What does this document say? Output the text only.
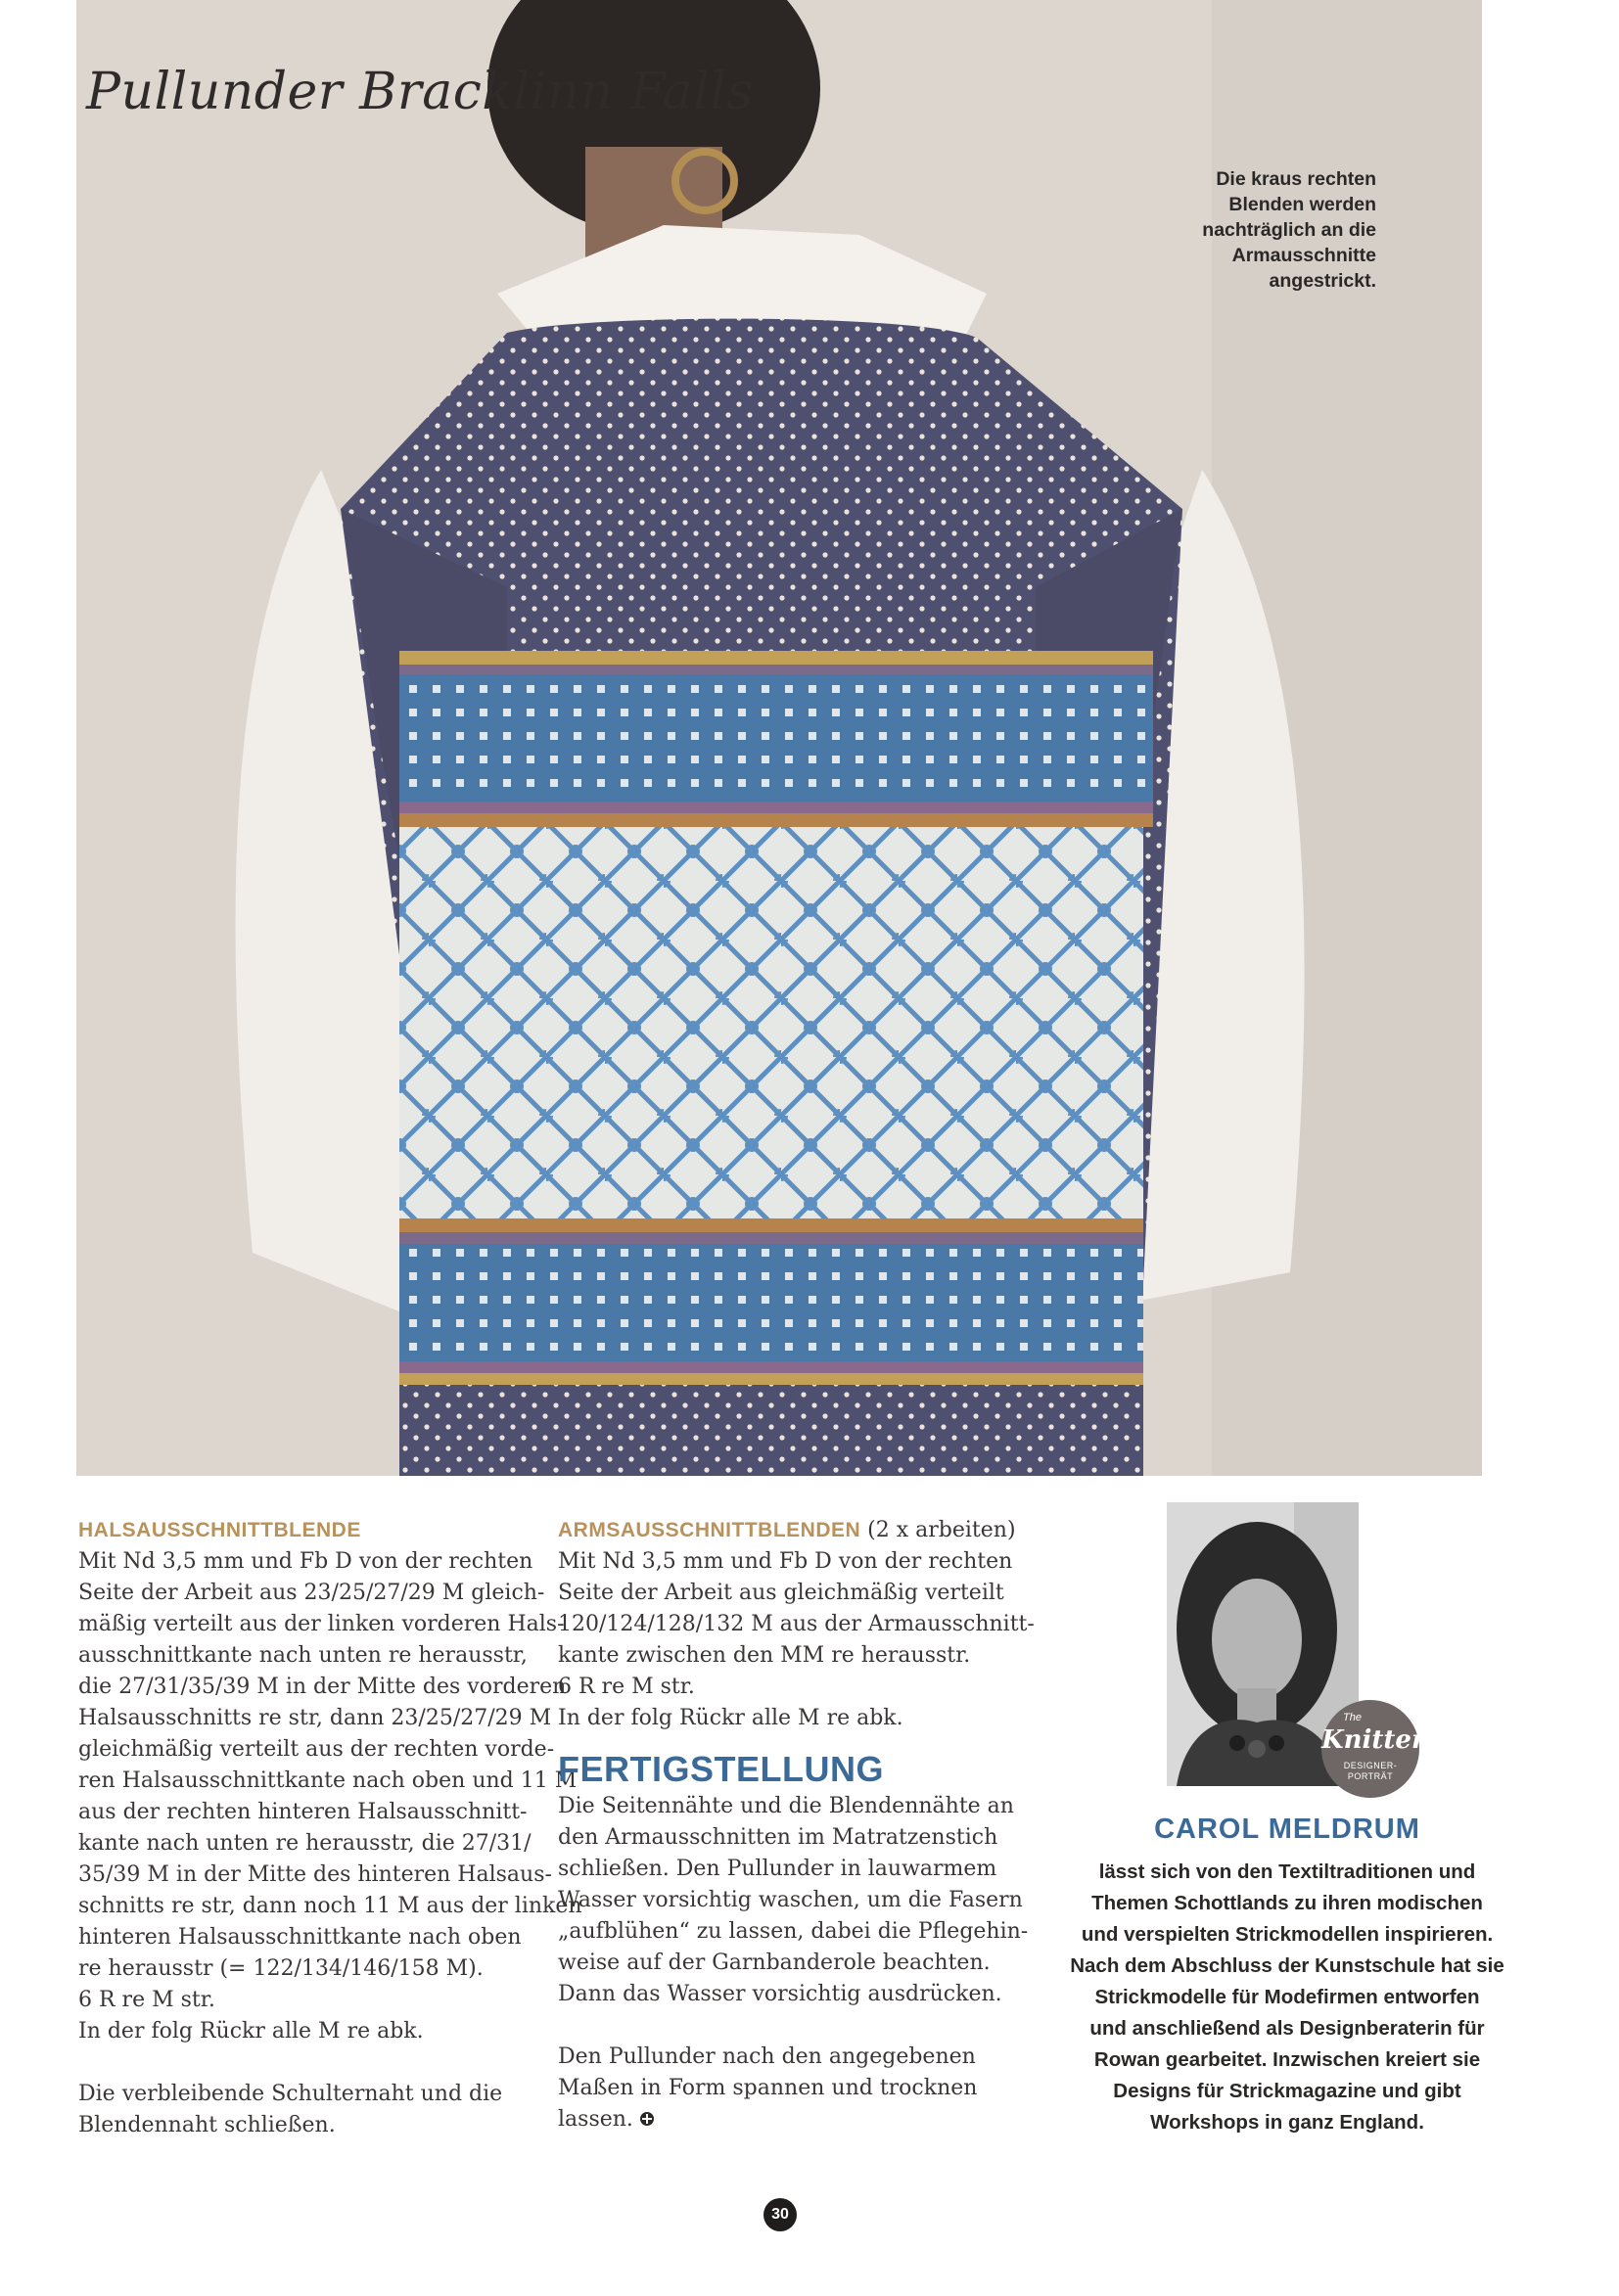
Pullunder Bracklinn Falls
Die kraus rechten
Blenden werden
nachträglich an die
Armausschnitte
angestrickt.
HALSAUSSCHNITTBLENDE
Mit Nd 3,5 mm und Fb D von der rechten
Seite der Arbeit aus 23/25/27/29 M gleich-
mäßig verteilt aus der linken vorderen Hals-
ausschnittkante nach unten re herausstr,
die 27/31/35/39 M in der Mitte des vorderen
Halsausschnitts re str, dann 23/25/27/29 M
gleichmäßig verteilt aus der rechten vorde-
ren Halsausschnittkante nach oben und 11 M
aus der rechten hinteren Halsausschnitt-
kante nach unten re herausstr, die 27/31/
35/39 M in der Mitte des hinteren Halsaus-
schnitts re str, dann noch 11 M aus der linken
hinteren Halsausschnittkante nach oben
re herausstr (= 122/134/146/158 M).
6 R re M str.
In der folg Rückr alle M re abk.
Die verbleibende Schulternaht und die
Blendennaht schließen.
ARMSAUSSCHNITTBLENDEN (2 x arbeiten)
Mit Nd 3,5 mm und Fb D von der rechten
Seite der Arbeit aus gleichmäßig verteilt
120/124/128/132 M aus der Armausschnitt-
kante zwischen den MM re herausstr.
6 R re M str.
In der folg Rückr alle M re abk.
FERTIGSTELLUNG
Die Seitennähte und die Blendennähte an
den Armausschnitten im Matratzenstich
schließen. Den Pullunder in lauwarmem
Wasser vorsichtig waschen, um die Fasern
„aufblühen“ zu lassen, dabei die Pflegehin-
weise auf der Garnbanderole beachten.
Dann das Wasser vorsichtig ausdrücken.
Den Pullunder nach den angegebenen
Maßen in Form spannen und trocknen
lassen.
The
Knitter
DESIGNER-
PORTRÄT
CAROL MELDRUM
lässt sich von den Textiltraditionen und
Themen Schottlands zu ihren modischen
und verspielten Strickmodellen inspirieren.
Nach dem Abschluss der Kunstschule hat sie
Strickmodelle für Modefirmen entworfen
und anschließend als Designberaterin für
Rowan gearbeitet. Inzwischen kreiert sie
Designs für Strickmagazine und gibt
Workshops in ganz England.
30
